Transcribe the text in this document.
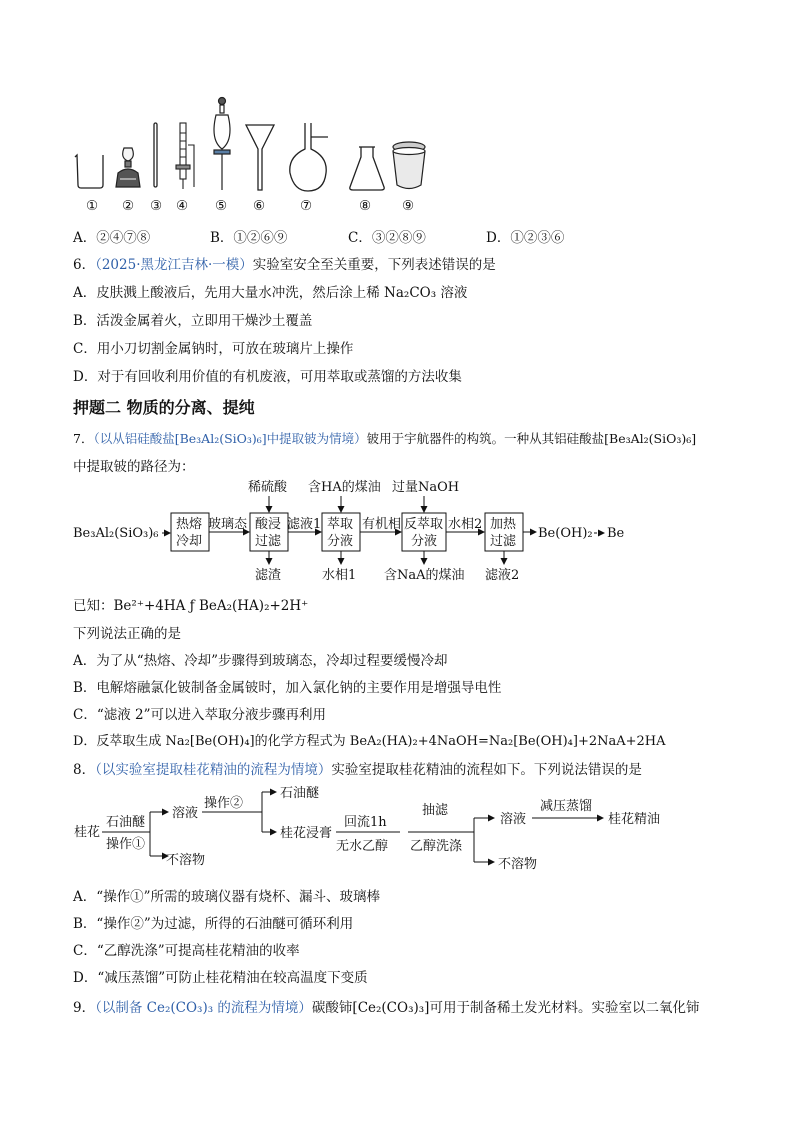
① ② ③ ④ ⑤ ⑥	⑦	⑧ ⑨
A．②④⑦⑧	B．①②⑥⑨	C．③②⑧⑨	D．①②③⑥
6．（2025·黑龙江吉林·一模）实验室安全至关重要，下列表述错误的是
A．皮肤溅上酸液后，先用大量水冲洗，然后涂上稀 Na₂CO₃ 溶液
B．活泼金属着火，立即用干燥沙土覆盖
C．用小刀切割金属钠时，可放在玻璃片上操作
D．对于有回收利用价值的有机废液，可用萃取或蒸馏的方法收集
押题二 物质的分离、提纯
7．（以从铝硅酸盐[Be₃Al₂(SiO₃)₆]中提取铍为情境）铍用于宇航器件的构筑。一种从其铝硅酸盐[Be₃Al₂(SiO₃)₆]
中提取铍的路径为：
Be₃Al₂(SiO₃)₆
热熔
冷却
玻璃态 酸浸
过滤
滤液1 萃取
分液
有机相 反萃取
分液
水相2 加热
过滤
Be(OH)₂ Be
稀硫酸 含HA的煤油 过量NaOH
滤渣	水相1 含NaA的煤油 滤液2
已知：Be²⁺+4HA ƒ BeA₂(HA)₂+2H⁺
下列说法正确的是
A．为了从“热熔、冷却”步骤得到玻璃态，冷却过程要缓慢冷却
B．电解熔融氯化铍制备金属铍时，加入氯化钠的主要作用是增强导电性
C．“滤液 2”可以进入萃取分液步骤再利用
D．反萃取生成 Na₂[Be(OH)₄]的化学方程式为 BeA₂(HA)₂+4NaOH=Na₂[Be(OH)₄]+2NaA+2HA
8．（以实验室提取桂花精油的流程为情境）实验室提取桂花精油的流程如下。下列说法错误的是
桂花
石油醚
操作①
溶液
不溶物
操作②
石油醚
桂花浸膏
回流1h
无水乙醇
抽滤
乙醇洗涤
溶液
不溶物
减压蒸馏
桂花精油
A．“操作①”所需的玻璃仪器有烧杯、漏斗、玻璃棒
B．“操作②”为过滤，所得的石油醚可循环利用
C．“乙醇洗涤”可提高桂花精油的收率
D．“减压蒸馏”可防止桂花精油在较高温度下变质
9．（以制备 Ce₂(CO₃)₃ 的流程为情境）碳酸铈[Ce₂(CO₃)₃]可用于制备稀土发光材料。实验室以二氧化铈
